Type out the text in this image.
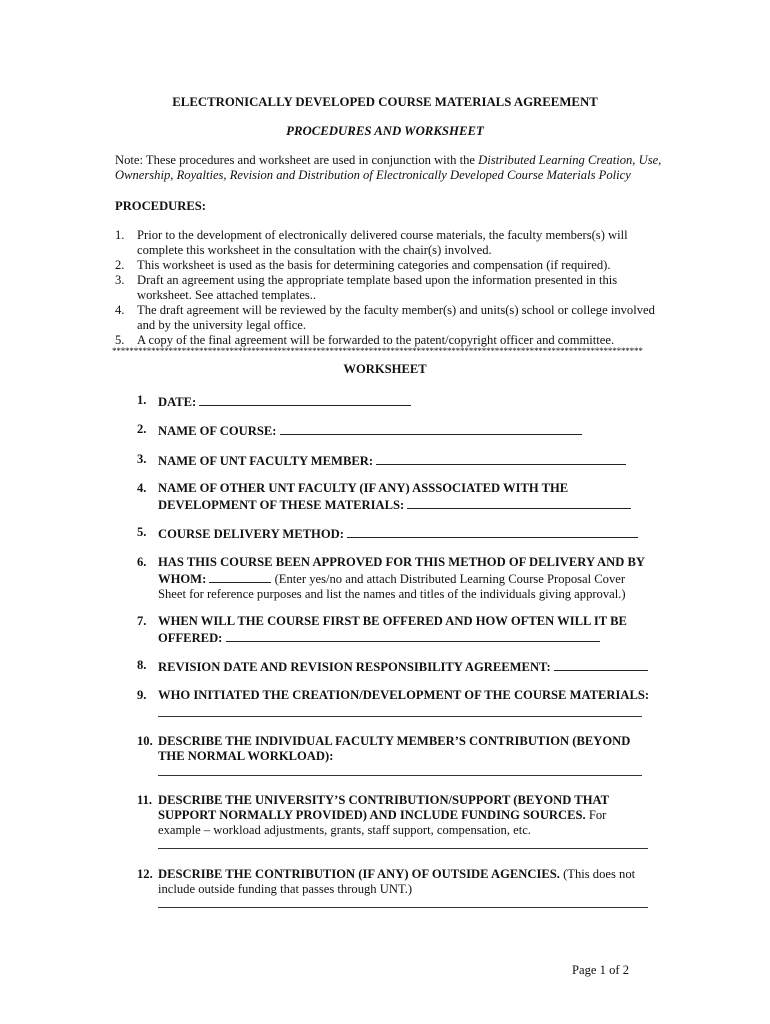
ELECTRONICALLY DEVELOPED COURSE MATERIALS AGREEMENT
PROCEDURES AND WORKSHEET
Note: These procedures and worksheet are used in conjunction with the Distributed Learning Creation, Use, Ownership, Royalties, Revision and Distribution of Electronically Developed Course Materials Policy
PROCEDURES:
1. Prior to the development of electronically delivered course materials, the faculty members(s) will complete this worksheet in the consultation with the chair(s) involved.
2. This worksheet is used as the basis for determining categories and compensation (if required).
3. Draft an agreement using the appropriate template based upon the information presented in this worksheet. See attached templates..
4. The draft agreement will be reviewed by the faculty member(s) and units(s) school or college involved and by the university legal office.
5. A copy of the final agreement will be forwarded to the patent/copyright officer and committee.
**************************************************************************************************************************
WORKSHEET
1. DATE:
2. NAME OF COURSE:
3. NAME OF UNT FACULTY MEMBER:
4. NAME OF OTHER UNT FACULTY (IF ANY) ASSSOCIATED WITH THE
DEVELOPMENT OF THESE MATERIALS:
5. COURSE DELIVERY METHOD:
6. HAS THIS COURSE BEEN APPROVED FOR THIS METHOD OF DELIVERY AND BY
WHOM:	(Enter yes/no and attach Distributed Learning Course Proposal Cover
Sheet for reference purposes and list the names and titles of the individuals giving approval.)
7. WHEN WILL THE COURSE FIRST BE OFFERED AND HOW OFTEN WILL IT BE
OFFERED:
8. REVISION DATE AND REVISION RESPONSIBILITY AGREEMENT:
9. WHO INITIATED THE CREATION/DEVELOPMENT OF THE COURSE MATERIALS:
10. DESCRIBE THE INDIVIDUAL FACULTY MEMBER’S CONTRIBUTION (BEYOND
THE NORMAL WORKLOAD):
11. DESCRIBE THE UNIVERSITY’S CONTRIBUTION/SUPPORT (BEYOND THAT
SUPPORT NORMALLY PROVIDED) AND INCLUDE FUNDING SOURCES. For
example – workload adjustments, grants, staff support, compensation, etc.
12. DESCRIBE THE CONTRIBUTION (IF ANY) OF OUTSIDE AGENCIES. (This does not
include outside funding that passes through UNT.)
Page 1 of 2
